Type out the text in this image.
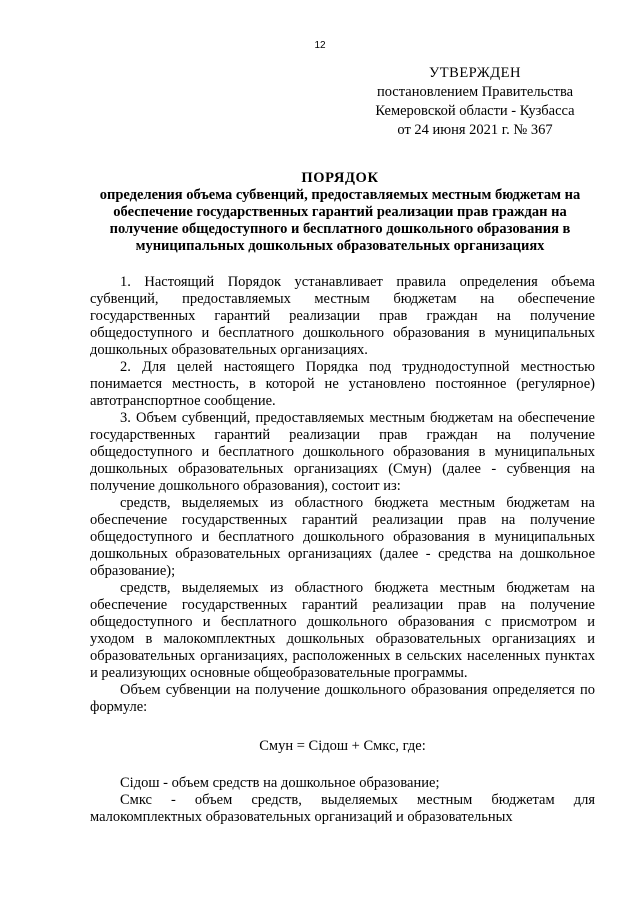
12
УТВЕРЖДЕН
постановлением Правительства
Кемеровской области - Кузбасса
от 24 июня 2021 г. № 367
ПОРЯДОК
определения объема субвенций, предоставляемых местным бюджетам на обеспечение государственных гарантий реализации прав граждан на получение общедоступного и бесплатного дошкольного образования в муниципальных дошкольных образовательных организациях

1. Настоящий Порядок устанавливает правила определения объема субвенций, предоставляемых местным бюджетам на обеспечение государственных гарантий реализации прав граждан на получение общедоступного и бесплатного дошкольного образования в муниципальных дошкольных образовательных организациях.

2. Для целей настоящего Порядка под труднодоступной местностью понимается местность, в которой не установлено постоянное (регулярное) автотранспортное сообщение.

3. Объем субвенций, предоставляемых местным бюджетам на обеспечение государственных гарантий реализации прав граждан на получение общедоступного и бесплатного дошкольного образования в муниципальных дошкольных образовательных организациях (Смун) (далее - субвенция на получение дошкольного образования), состоит из:

средств, выделяемых из областного бюджета местным бюджетам на обеспечение государственных гарантий реализации прав на получение общедоступного и бесплатного дошкольного образования в муниципальных дошкольных образовательных организациях (далее - средства на дошкольное образование);

средств, выделяемых из областного бюджета местным бюджетам на обеспечение государственных гарантий реализации прав на получение общедоступного и бесплатного дошкольного образования с присмотром и уходом в малокомплектных дошкольных образовательных организациях и образовательных организациях, расположенных в сельских населенных пунктах и реализующих основные общеобразовательные программы.

Объем субвенции на получение дошкольного образования определяется по формуле:

Смун = Сiдош + Смкс, где:

Сiдош - объем средств на дошкольное образование;

Смкс - объем средств, выделяемых местным бюджетам для малокомплектных образовательных организаций и образовательных
